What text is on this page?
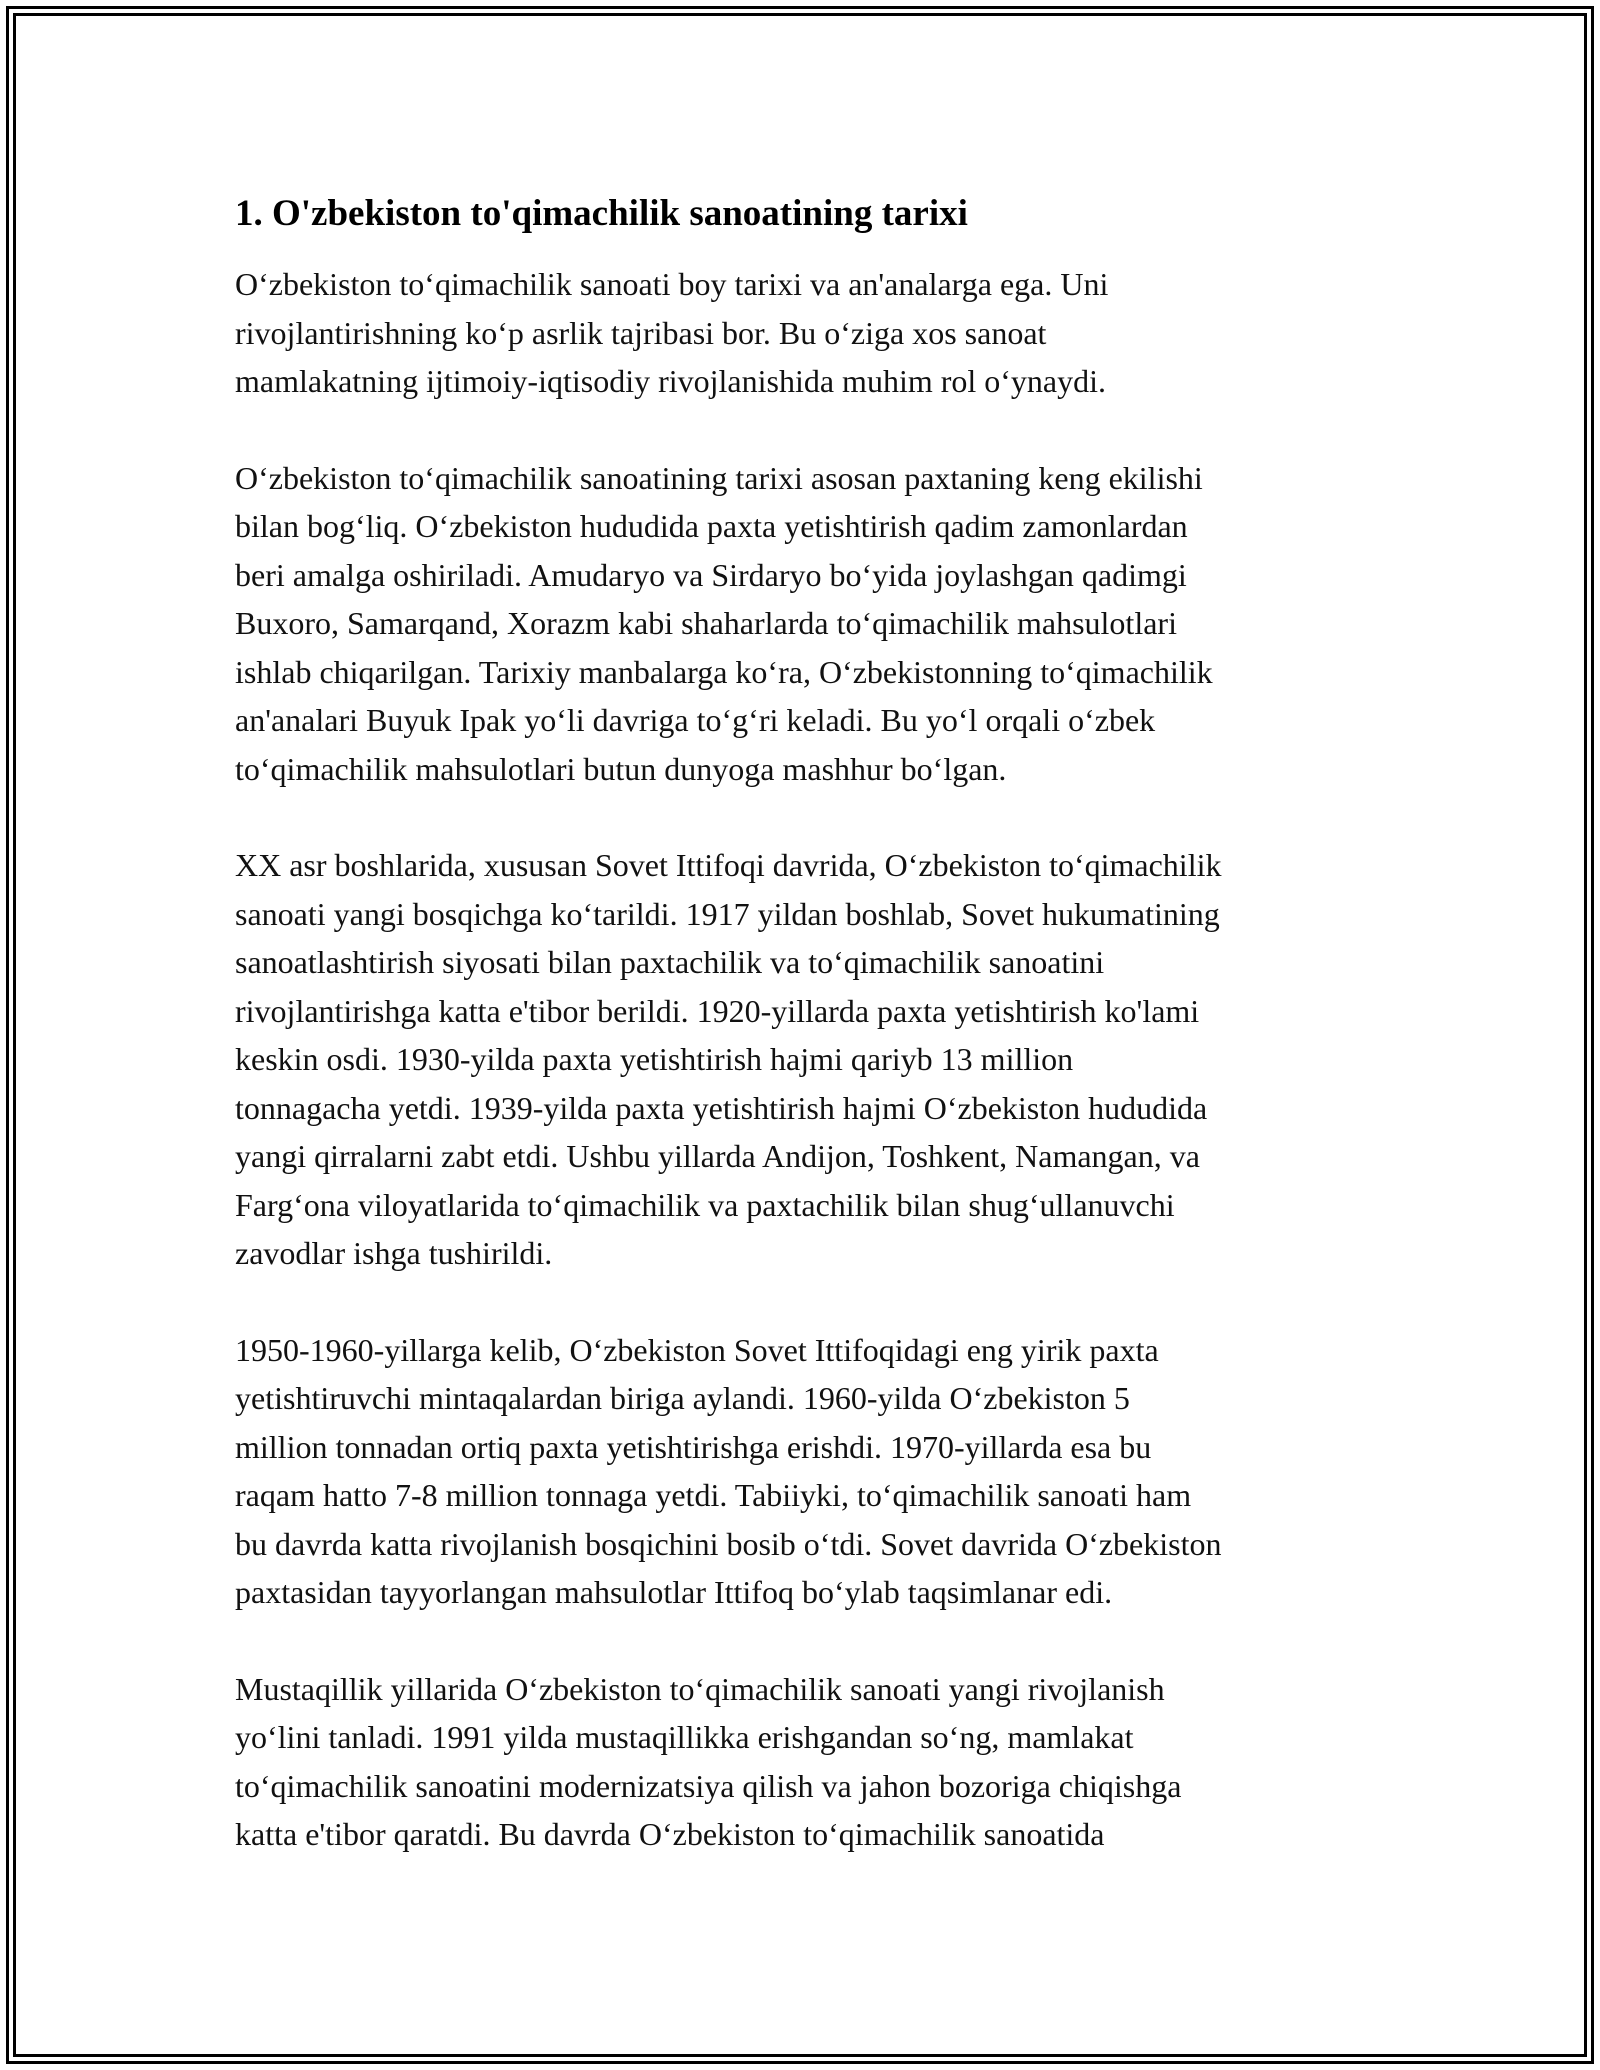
1. O'zbekiston to'qimachilik sanoatining tarixi

O‘zbekiston to‘qimachilik sanoati boy tarixi va an'analarga ega. Uni
rivojlantirishning ko‘p asrlik tajribasi bor. Bu o‘ziga xos sanoat
mamlakatning ijtimoiy-iqtisodiy rivojlanishida muhim rol o‘ynaydi.

O‘zbekiston to‘qimachilik sanoatining tarixi asosan paxtaning keng ekilishi
bilan bog‘liq. O‘zbekiston hududida paxta yetishtirish qadim zamonlardan
beri amalga oshiriladi. Amudaryo va Sirdaryo bo‘yida joylashgan qadimgi
Buxoro, Samarqand, Xorazm kabi shaharlarda to‘qimachilik mahsulotlari
ishlab chiqarilgan. Tarixiy manbalarga ko‘ra, O‘zbekistonning to‘qimachilik
an'analari Buyuk Ipak yo‘li davriga to‘g‘ri keladi. Bu yo‘l orqali o‘zbek
to‘qimachilik mahsulotlari butun dunyoga mashhur bo‘lgan.

XX asr boshlarida, xususan Sovet Ittifoqi davrida, O‘zbekiston to‘qimachilik
sanoati yangi bosqichga ko‘tarildi. 1917 yildan boshlab, Sovet hukumatining
sanoatlashtirish siyosati bilan paxtachilik va to‘qimachilik sanoatini
rivojlantirishga katta e'tibor berildi. 1920-yillarda paxta yetishtirish ko'lami
keskin osdi. 1930-yilda paxta yetishtirish hajmi qariyb 13 million
tonnagacha yetdi. 1939-yilda paxta yetishtirish hajmi O‘zbekiston hududida
yangi qirralarni zabt etdi. Ushbu yillarda Andijon, Toshkent, Namangan, va
Farg‘ona viloyatlarida to‘qimachilik va paxtachilik bilan shug‘ullanuvchi
zavodlar ishga tushirildi.

1950-1960-yillarga kelib, O‘zbekiston Sovet Ittifoqidagi eng yirik paxta
yetishtiruvchi mintaqalardan biriga aylandi. 1960-yilda O‘zbekiston 5
million tonnadan ortiq paxta yetishtirishga erishdi. 1970-yillarda esa bu
raqam hatto 7-8 million tonnaga yetdi. Tabiiyki, to‘qimachilik sanoati ham
bu davrda katta rivojlanish bosqichini bosib o‘tdi. Sovet davrida O‘zbekiston
paxtasidan tayyorlangan mahsulotlar Ittifoq bo‘ylab taqsimlanar edi.

Mustaqillik yillarida O‘zbekiston to‘qimachilik sanoati yangi rivojlanish
yo‘lini tanladi. 1991 yilda mustaqillikka erishgandan so‘ng, mamlakat
to‘qimachilik sanoatini modernizatsiya qilish va jahon bozoriga chiqishga
katta e'tibor qaratdi. Bu davrda O‘zbekiston to‘qimachilik sanoatida
